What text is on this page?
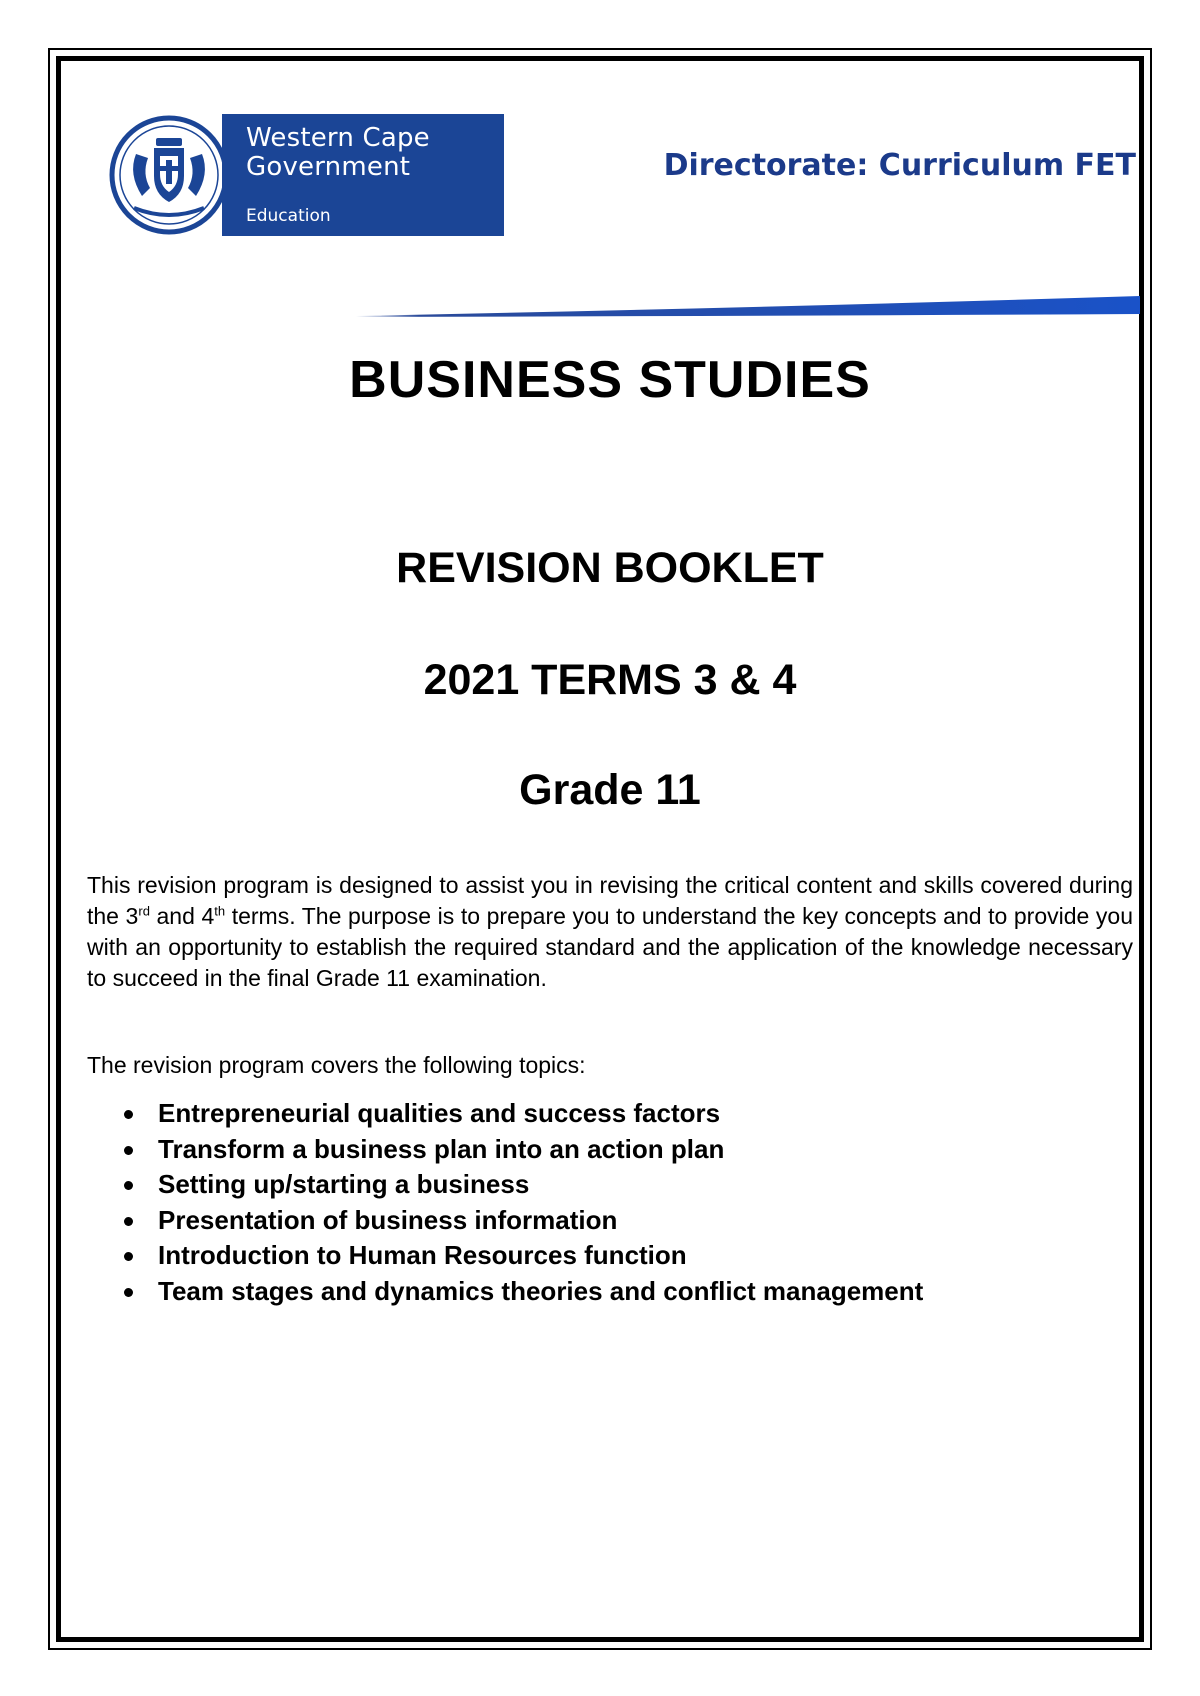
Western Cape
Government
Education
Directorate: Curriculum FET
BUSINESS STUDIES
REVISION BOOKLET
2021 TERMS 3 & 4
Grade 11

This revision program is designed to assist you in revising the critical content and skills covered during the 3rd and 4th terms. The purpose is to prepare you to understand the key concepts and to provide you with an opportunity to establish the required standard and the application of the knowledge necessary to succeed in the final Grade 11 examination.

The revision program covers the following topics:
Entrepreneurial qualities and success factors
Transform a business plan into an action plan
Setting up/starting a business
Presentation of business information
Introduction to Human Resources function
Team stages and dynamics theories and conflict management
